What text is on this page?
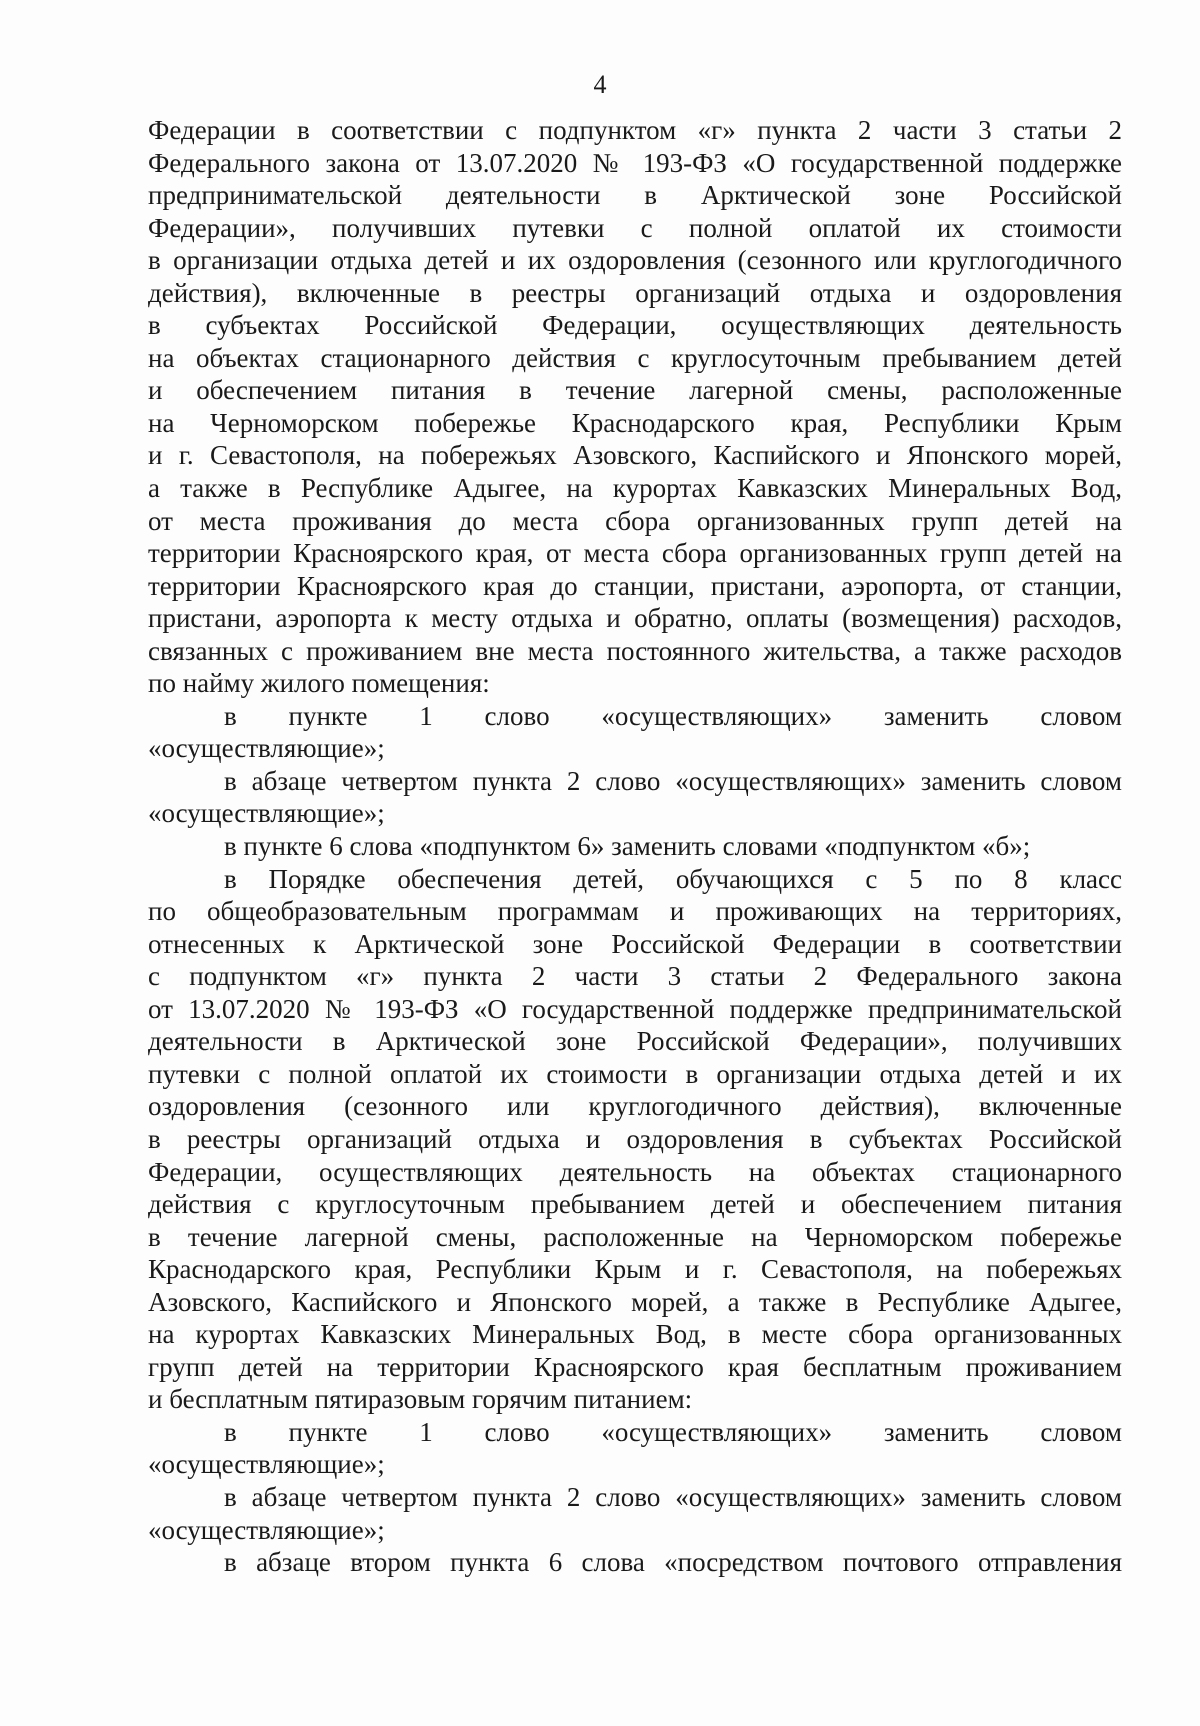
4
Федерации в соответствии с подпунктом «г» пункта 2 части 3 статьи 2
Федерального закона от 13.07.2020 № 193-ФЗ «О государственной поддержке
предпринимательской деятельности в Арктической зоне Российской
Федерации», получивших путевки с полной оплатой их стоимости
в организации отдыха детей и их оздоровления (сезонного или круглогодичного
действия), включенные в реестры организаций отдыха и оздоровления
в субъектах Российской Федерации, осуществляющих деятельность
на объектах стационарного действия с круглосуточным пребыванием детей
и обеспечением питания в течение лагерной смены, расположенные
на Черноморском побережье Краснодарского края, Республики Крым
и г. Севастополя, на побережьях Азовского, Каспийского и Японского морей,
а также в Республике Адыгее, на курортах Кавказских Минеральных Вод,
от места проживания до места сбора организованных групп детей на
территории Красноярского края, от места сбора организованных групп детей на
территории Красноярского края до станции, пристани, аэропорта, от станции,
пристани, аэропорта к месту отдыха и обратно, оплаты (возмещения) расходов,
связанных с проживанием вне места постоянного жительства, а также расходов
по найму жилого помещения:
в пункте 1 слово «осуществляющих» заменить словом
«осуществляющие»;
в абзаце четвертом пункта 2 слово «осуществляющих» заменить словом
«осуществляющие»;
в пункте 6 слова «подпунктом 6» заменить словами «подпунктом «б»;
в Порядке обеспечения детей, обучающихся с 5 по 8 класс
по общеобразовательным программам и проживающих на территориях,
отнесенных к Арктической зоне Российской Федерации в соответствии
с подпунктом «г» пункта 2 части 3 статьи 2 Федерального закона
от 13.07.2020 № 193-ФЗ «О государственной поддержке предпринимательской
деятельности в Арктической зоне Российской Федерации», получивших
путевки с полной оплатой их стоимости в организации отдыха детей и их
оздоровления (сезонного или круглогодичного действия), включенные
в реестры организаций отдыха и оздоровления в субъектах Российской
Федерации, осуществляющих деятельность на объектах стационарного
действия с круглосуточным пребыванием детей и обеспечением питания
в течение лагерной смены, расположенные на Черноморском побережье
Краснодарского края, Республики Крым и г. Севастополя, на побережьях
Азовского, Каспийского и Японского морей, а также в Республике Адыгее,
на курортах Кавказских Минеральных Вод, в месте сбора организованных
групп детей на территории Красноярского края бесплатным проживанием
и бесплатным пятиразовым горячим питанием:
в пункте 1 слово «осуществляющих» заменить словом
«осуществляющие»;
в абзаце четвертом пункта 2 слово «осуществляющих» заменить словом
«осуществляющие»;
в абзаце втором пункта 6 слова «посредством почтового отправления
